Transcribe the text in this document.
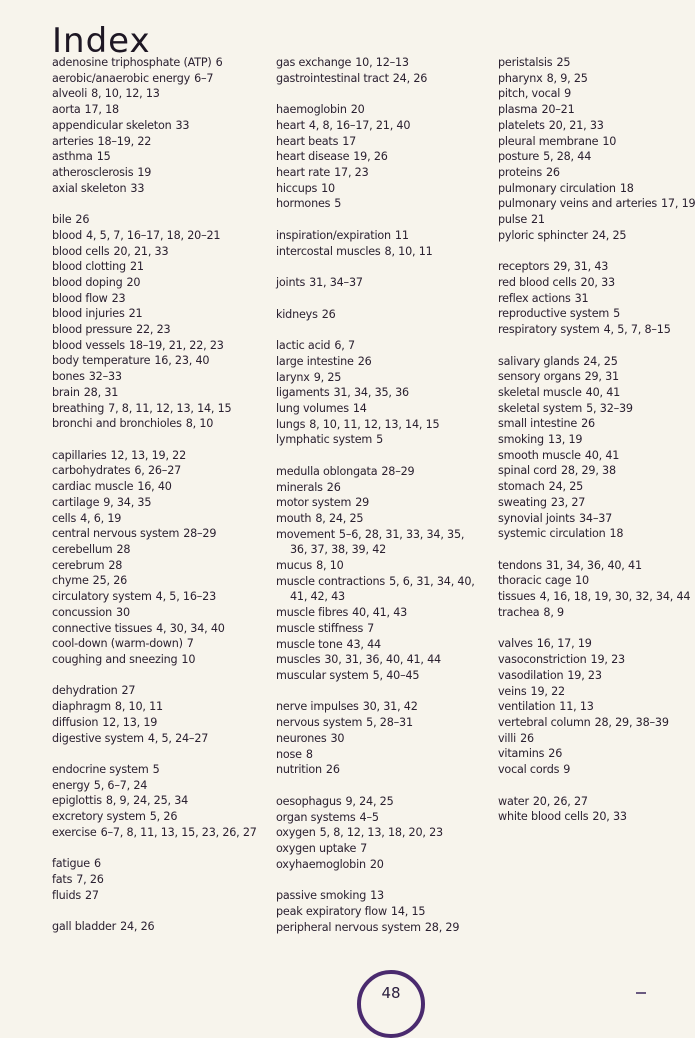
Index
adenosine triphosphate (ATP) 6
aerobic/anaerobic energy 6–7
alveoli 8, 10, 12, 13
aorta 17, 18
appendicular skeleton 33
arteries 18–19, 22
asthma 15
atherosclerosis 19
axial skeleton 33
bile 26
blood 4, 5, 7, 16–17, 18, 20–21
blood cells 20, 21, 33
blood clotting 21
blood doping 20
blood flow 23
blood injuries 21
blood pressure 22, 23
blood vessels 18–19, 21, 22, 23
body temperature 16, 23, 40
bones 32–33
brain 28, 31
breathing 7, 8, 11, 12, 13, 14, 15
bronchi and bronchioles 8, 10
capillaries 12, 13, 19, 22
carbohydrates 6, 26–27
cardiac muscle 16, 40
cartilage 9, 34, 35
cells 4, 6, 19
central nervous system 28–29
cerebellum 28
cerebrum 28
chyme 25, 26
circulatory system 4, 5, 16–23
concussion 30
connective tissues 4, 30, 34, 40
cool-down (warm-down) 7
coughing and sneezing 10
dehydration 27
diaphragm 8, 10, 11
diffusion 12, 13, 19
digestive system 4, 5, 24–27
endocrine system 5
energy 5, 6–7, 24
epiglottis 8, 9, 24, 25, 34
excretory system 5, 26
exercise 6–7, 8, 11, 13, 15, 23, 26, 27
fatigue 6
fats 7, 26
fluids 27
gall bladder 24, 26
gas exchange 10, 12–13
gastrointestinal tract 24, 26
haemoglobin 20
heart 4, 8, 16–17, 21, 40
heart beats 17
heart disease 19, 26
heart rate 17, 23
hiccups 10
hormones 5
inspiration/expiration 11
intercostal muscles 8, 10, 11
joints 31, 34–37
kidneys 26
lactic acid 6, 7
large intestine 26
larynx 9, 25
ligaments 31, 34, 35, 36
lung volumes 14
lungs 8, 10, 11, 12, 13, 14, 15
lymphatic system 5
medulla oblongata 28–29
minerals 26
motor system 29
mouth 8, 24, 25
movement 5–6, 28, 31, 33, 34, 35,
36, 37, 38, 39, 42
mucus 8, 10
muscle contractions 5, 6, 31, 34, 40,
41, 42, 43
muscle fibres 40, 41, 43
muscle stiffness 7
muscle tone 43, 44
muscles 30, 31, 36, 40, 41, 44
muscular system 5, 40–45
nerve impulses 30, 31, 42
nervous system 5, 28–31
neurones 30
nose 8
nutrition 26
oesophagus 9, 24, 25
organ systems 4–5
oxygen 5, 8, 12, 13, 18, 20, 23
oxygen uptake 7
oxyhaemoglobin 20
passive smoking 13
peak expiratory flow 14, 15
peripheral nervous system 28, 29
peristalsis 25
pharynx 8, 9, 25
pitch, vocal 9
plasma 20–21
platelets 20, 21, 33
pleural membrane 10
posture 5, 28, 44
proteins 26
pulmonary circulation 18
pulmonary veins and arteries 17, 19
pulse 21
pyloric sphincter 24, 25
receptors 29, 31, 43
red blood cells 20, 33
reflex actions 31
reproductive system 5
respiratory system 4, 5, 7, 8–15
salivary glands 24, 25
sensory organs 29, 31
skeletal muscle 40, 41
skeletal system 5, 32–39
small intestine 26
smoking 13, 19
smooth muscle 40, 41
spinal cord 28, 29, 38
stomach 24, 25
sweating 23, 27
synovial joints 34–37
systemic circulation 18
tendons 31, 34, 36, 40, 41
thoracic cage 10
tissues 4, 16, 18, 19, 30, 32, 34, 44
trachea 8, 9
valves 16, 17, 19
vasoconstriction 19, 23
vasodilation 19, 23
veins 19, 22
ventilation 11, 13
vertebral column 28, 29, 38–39
villi 26
vitamins 26
vocal cords 9
water 20, 26, 27
white blood cells 20, 33
48
